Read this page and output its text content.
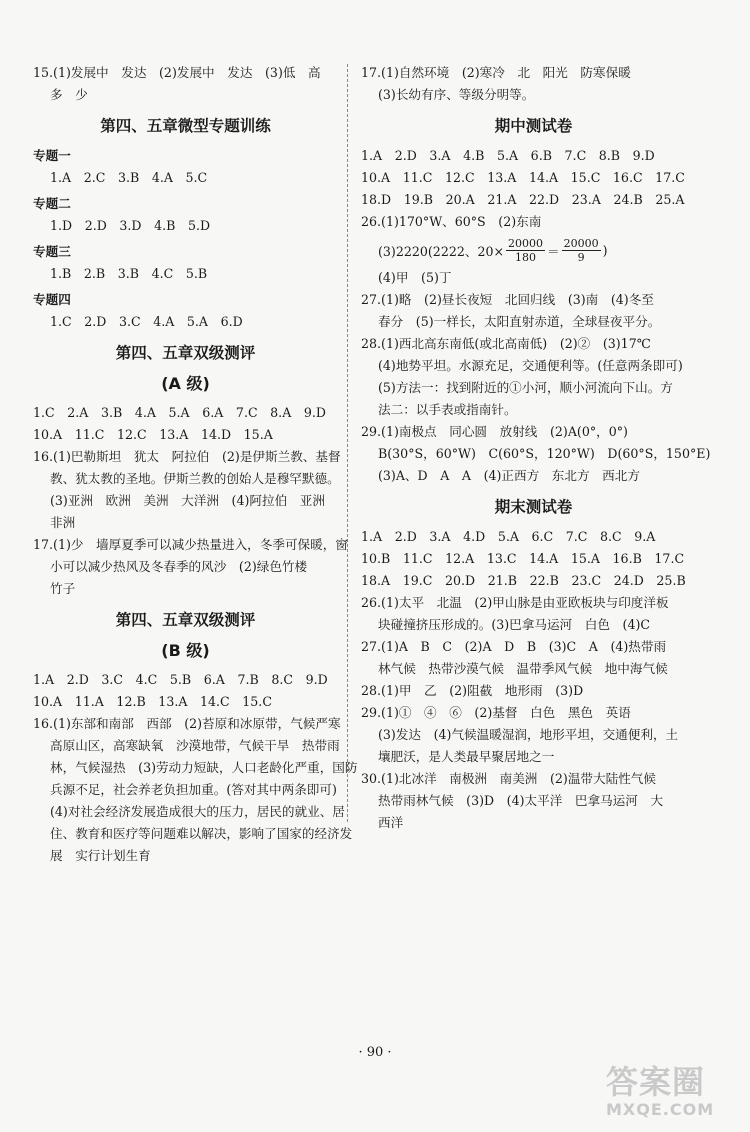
15.(1)发展中　发达　(2)发展中　发达　(3)低　高
多　少
第四、五章微型专题训练
专题一
1.A　2.C　3.B　4.A　5.C
专题二
1.D　2.D　3.D　4.B　5.D
专题三
1.B　2.B　3.B　4.C　5.B
专题四
1.C　2.D　3.C　4.A　5.A　6.D
第四、五章双级测评
(A 级)
1.C　2.A　3.B　4.A　5.A　6.A　7.C　8.A　9.D
10.A　11.C　12.C　13.A　14.D　15.A
16.(1)巴勒斯坦　犹太　阿拉伯　(2)是伊斯兰教、基督
教、犹太教的圣地。伊斯兰教的创始人是穆罕默德。
(3)亚洲　欧洲　美洲　大洋洲　(4)阿拉伯　亚洲
非洲
17.(1)少　墙厚夏季可以减少热量进入，冬季可保暖，窗
小可以减少热风及冬春季的风沙　(2)绿色竹楼
竹子
第四、五章双级测评
(B 级)
1.A　2.D　3.C　4.C　5.B　6.A　7.B　8.C　9.D
10.A　11.A　12.B　13.A　14.C　15.C
16.(1)东部和南部　西部　(2)苔原和冰原带，气候严寒
高原山区，高寒缺氧　沙漠地带，气候干旱　热带雨
林，气候湿热　(3)劳动力短缺，人口老龄化严重，国防
兵源不足，社会养老负担加重。(答对其中两条即可)
(4)对社会经济发展造成很大的压力，居民的就业、居
住、教育和医疗等问题难以解决，影响了国家的经济发
展　实行计划生育
17.(1)自然环境　(2)寒冷　北　阳光　防寒保暖
(3)长幼有序、等级分明等。
期中测试卷
1.A　2.D　3.A　4.B　5.A　6.B　7.C　8.B　9.D
10.A　11.C　12.C　13.A　14.A　15.C　16.C　17.C
18.D　19.B　20.A　21.A　22.D　23.A　24.B　25.A
26.(1)170°W、60°S　(2)东南
(3)2220(2222、$20\times \frac{20000}{180} = \frac{20000}{9}$ )
(4)甲　(5)丁
27.(1)略　(2)昼长夜短　北回归线　(3)南　(4)冬至
春分　(5)一样长，太阳直射赤道，全球昼夜平分。
28.(1)西北高东南低(或北高南低)　(2)②　(3)17℃
(4)地势平坦。水源充足，交通便利等。(任意两条即可)
(5)方法一：找到附近的①小河，顺小河流向下山。方
法二：以手表或指南针。
29.(1)南极点　同心圆　放射线　(2)A(0°，0°)
B(30°S，60°W)　C(60°S，120°W)　D(60°S，150°E)
(3)A、D　A　A　(4)正西方　东北方　西北方
期末测试卷
1.A　2.D　3.A　4.D　5.A　6.C　7.C　8.C　9.A
10.B　11.C　12.A　13.C　14.A　15.A　16.B　17.C
18.A　19.C　20.D　21.B　22.B　23.C　24.D　25.B
26.(1)太平　北温　(2)甲山脉是由亚欧板块与印度洋板
块碰撞挤压形成的。(3)巴拿马运河　白色　(4)C
27.(1)A　B　C　(2)A　D　B　(3)C　A　(4)热带雨
林气候　热带沙漠气候　温带季风气候　地中海气候
28.(1)甲　乙　(2)阻截　地形雨　(3)D
29.(1)①　④　⑥　(2)基督　白色　黑色　英语
(3)发达　(4)气候温暖湿润，地形平坦，交通便利，土
壤肥沃，是人类最早聚居地之一
30.(1)北冰洋　南极洲　南美洲　(2)温带大陆性气候
热带雨林气候　(3)D　(4)太平洋　巴拿马运河　大
西洋
· 90 ·
答案圈
MXQE.COM
